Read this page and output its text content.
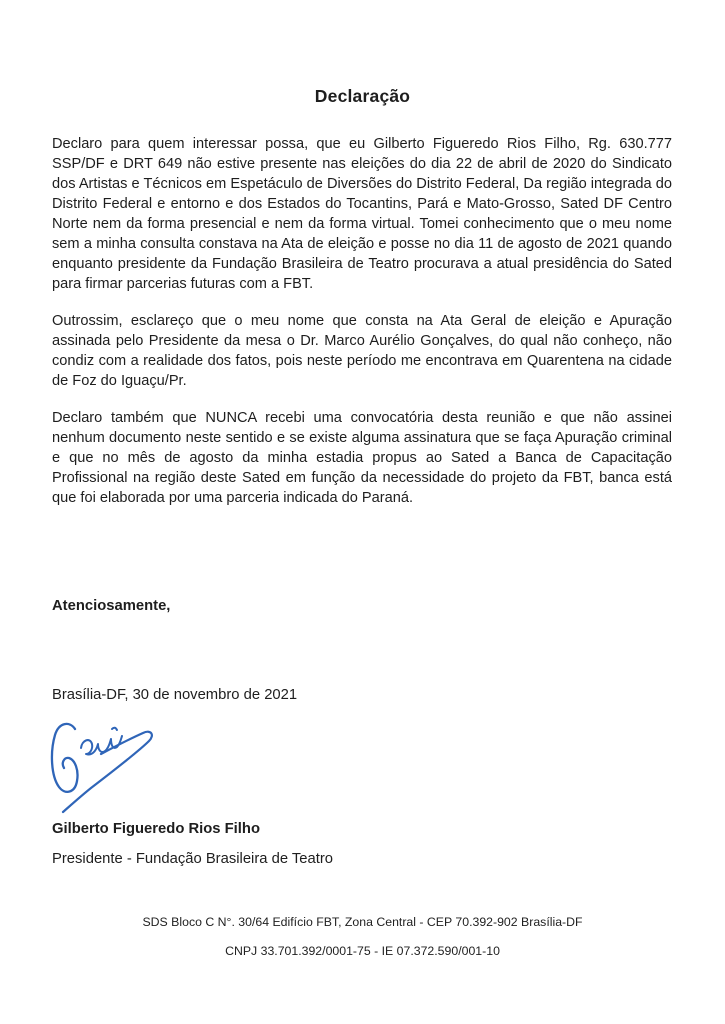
Declaração

Declaro para quem interessar possa, que eu Gilberto Figueredo Rios Filho, Rg. 630.777 SSP/DF e DRT 649 não estive presente nas eleições do dia 22 de abril de 2020 do Sindicato dos Artistas e Técnicos em Espetáculo de Diversões do Distrito Federal, Da região integrada do Distrito Federal e entorno e dos Estados do Tocantins, Pará e Mato-Grosso, Sated DF Centro Norte nem da forma presencial e nem da forma virtual. Tomei conhecimento que o meu nome sem a minha consulta constava na Ata de eleição e posse no dia 11 de agosto de 2021 quando enquanto presidente da Fundação Brasileira de Teatro procurava a atual presidência do Sated para firmar parcerias futuras com a FBT.

Outrossim, esclareço que o meu nome que consta na Ata Geral de eleição e Apuração assinada pelo Presidente da mesa o Dr. Marco Aurélio Gonçalves, do qual não conheço, não condiz com a realidade dos fatos, pois neste período me encontrava em Quarentena na cidade de Foz do Iguaçu/Pr.

Declaro também que NUNCA recebi uma convocatória desta reunião e que não assinei nenhum documento neste sentido e se existe alguma assinatura que se faça Apuração criminal e que no mês de agosto da minha estadia propus ao Sated a Banca de Capacitação Profissional na região deste Sated em função da necessidade do projeto da FBT, banca está que foi elaborada por uma parceria indicada do Paraná.

Atenciosamente,
Brasília-DF, 30 de novembro de 2021
Gilberto Figueredo Rios Filho
Presidente - Fundação Brasileira de Teatro
SDS Bloco C N°. 30/64 Edifício FBT, Zona Central - CEP 70.392-902 Brasília-DF
CNPJ 33.701.392/0001-75 - IE 07.372.590/001-10
